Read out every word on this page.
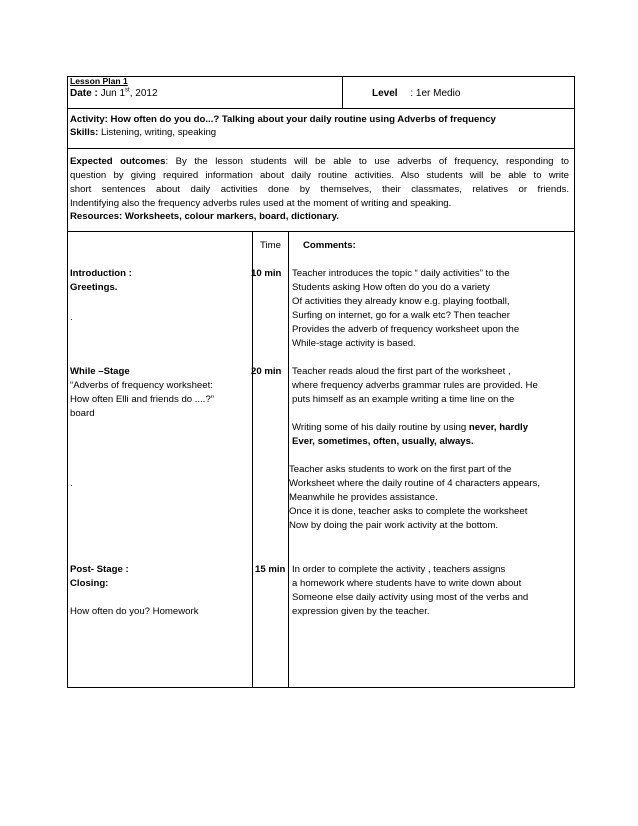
Lesson Plan 1
Date : Jun 1st, 2012	Level : 1er Medio
Activity: How often do you do...? Talking about your daily routine using Adverbs of frequency
Skills: Listening, writing, speaking
Expected outcomes: By the lesson students will be able to use adverbs of frequency, responding to
question by giving required information about daily routine activities. Also students will be able to write
short sentences about daily activities done by themselves, their classmates, relatives or friends.
Indentifying also the frequency adverbs rules used at the moment of writing and speaking.
Resources: Worksheets, colour markers, board, dictionary.
Time Comments:
Introduction :
Greetings.
.
10 min Teacher introduces the topic “ daily activities” to the
Students asking How often do you do a variety
Of activities they already know e.g. playing football,
Surfing on internet, go for a walk etc? Then teacher
Provides the adverb of frequency worksheet upon the
While-stage activity is based.
While –Stage
“Adverbs of frequency worksheet:
How often Elli and friends do ....?”
board
.
20 min Teacher reads aloud the first part of the worksheet ,
where frequency adverbs grammar rules are provided. He
puts himself as an example writing a time line on the
Writing some of his daily routine by using never, hardly
Ever, sometimes, often, usually, always.
Teacher asks students to work on the first part of the
Worksheet where the daily routine of 4 characters appears,
Meanwhile he provides assistance.
Once it is done, teacher asks to complete the worksheet
Now by doing the pair work activity at the bottom.
Post- Stage :
Closing:
How often do you? Homework
15 min In order to complete the activity , teachers assigns
a homework where students have to write down about
Someone else daily activity using most of the verbs and
expression given by the teacher.
